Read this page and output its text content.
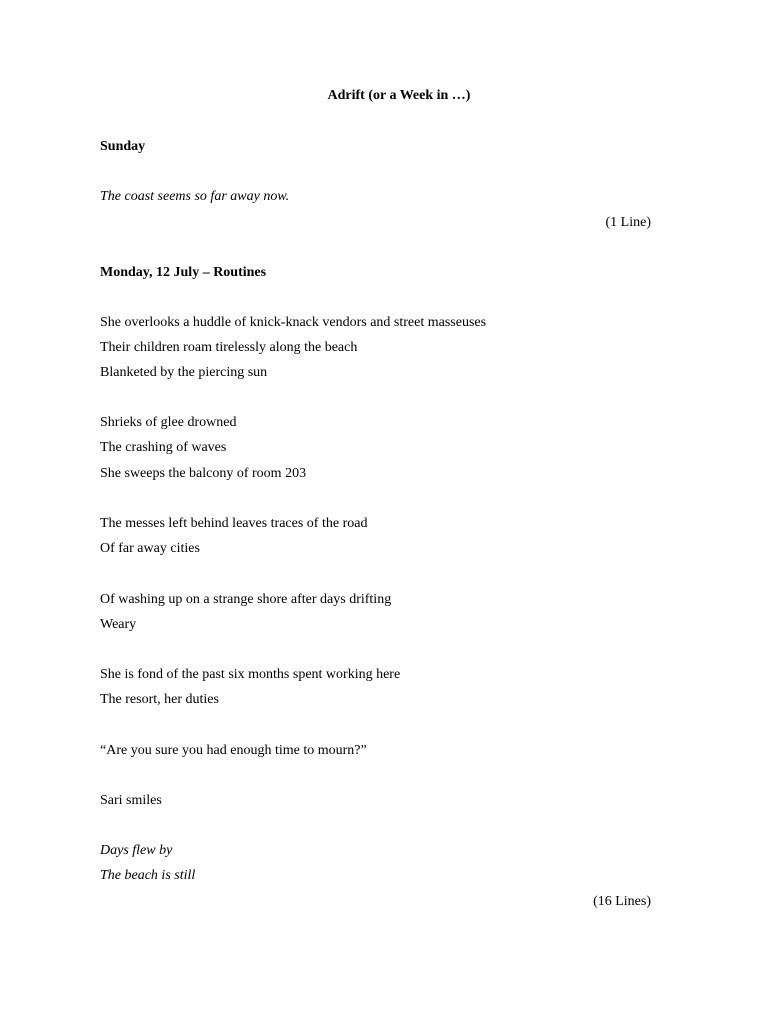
Adrift (or a Week in …)
Sunday
The coast seems so far away now.
(1 Line)
Monday, 12 July – Routines
She overlooks a huddle of knick-knack vendors and street masseuses
Their children roam tirelessly along the beach
Blanketed by the piercing sun
Shrieks of glee drowned
The crashing of waves
She sweeps the balcony of room 203
The messes left behind leaves traces of the road
Of far away cities
Of washing up on a strange shore after days drifting
Weary
She is fond of the past six months spent working here
The resort, her duties
“Are you sure you had enough time to mourn?”
Sari smiles
Days flew by
The beach is still
(16 Lines)
